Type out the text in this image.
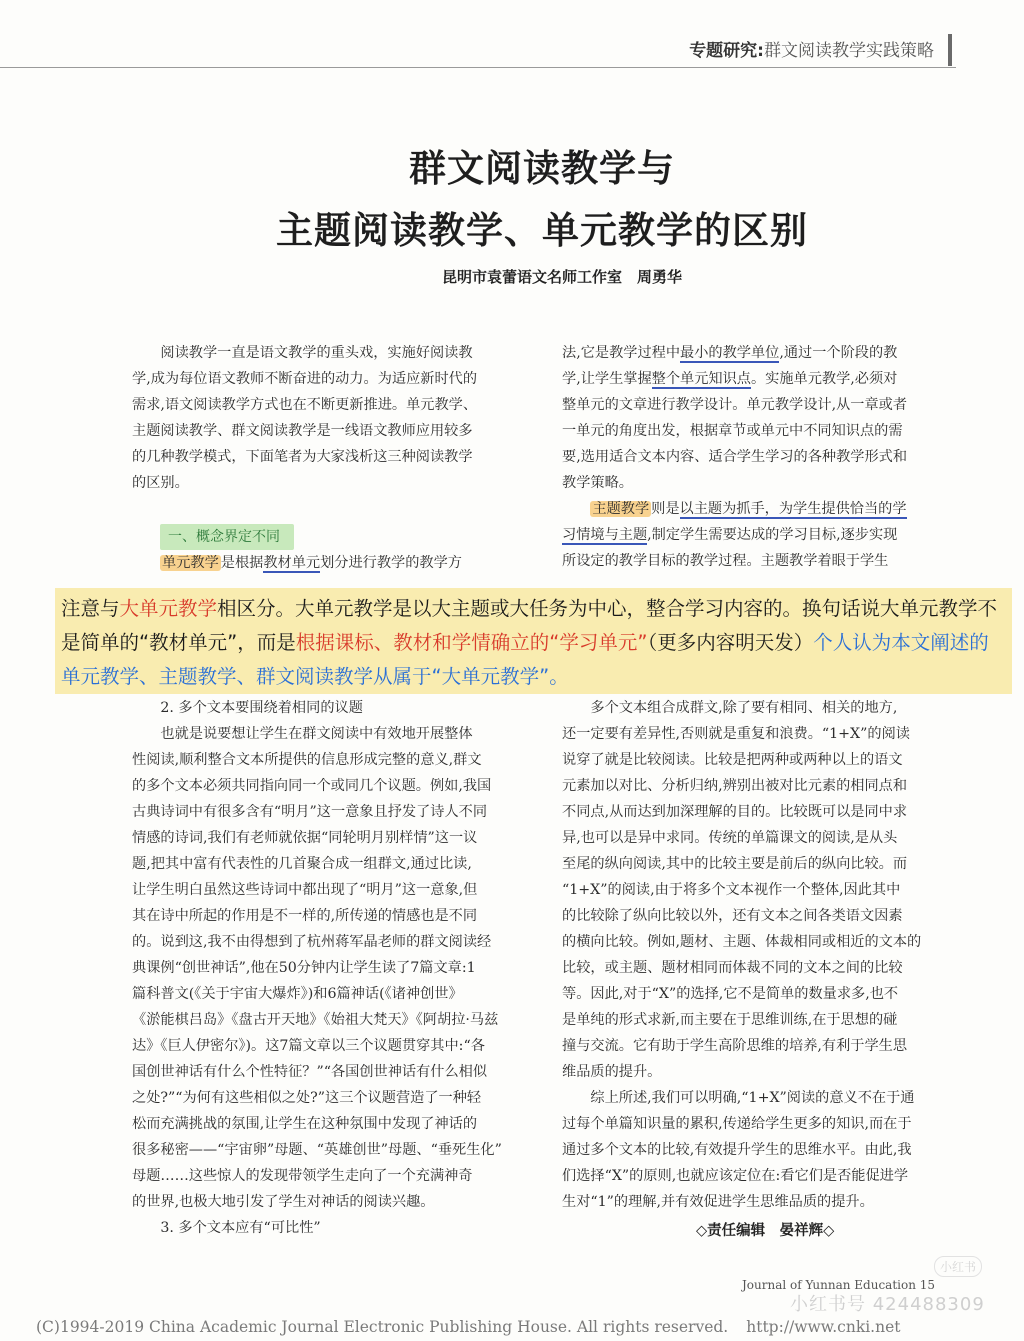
专题研究:群文阅读教学实践策略
群文阅读教学与
主题阅读教学、单元教学的区别
昆明市袁蕾语文名师工作室　周勇华

阅读教学一直是语文教学的重头戏，实施好阅读教

学,成为每位语文教师不断奋进的动力。为适应新时代的

需求,语文阅读教学方式也在不断更新推进。单元教学、

主题阅读教学、群文阅读教学是一线语文教师应用较多

的几种教学模式，下面笔者为大家浅析这三种阅读教学

的区别。

一、概念界定不同
单元教学 是根据教材单元划分进行教学的教学方

法,它是教学过程中最小的教学单位,通过一个阶段的教

学,让学生掌握整个单元知识点。实施单元教学,必须对

整单元的文章进行教学设计。单元教学设计,从一章或者

一单元的角度出发，根据章节或单元中不同知识点的需

要,选用适合文本内容、适合学生学习的各种教学形式和

教学策略。

主题教学 则是以主题为抓手，为学生提供恰当的学

习情境与主题,制定学生需要达成的学习目标,逐步实现

所设定的教学目标的教学过程。主题教学着眼于学生

注意与大单元教学相区分。大单元教学是以大主题或大任务为中心，整合学习内容的。换句话说大单元教学不是简单的“教材单元”，而是根据课标、教材和学情确立的“学习单元”（更多内容明天发）个人认为本文阐述的单元教学、主题教学、群文阅读教学从属于“大单元教学”。

2. 多个文本要围绕着相同的议题

也就是说要想让学生在群文阅读中有效地开展整体

性阅读,顺利整合文本所提供的信息形成完整的意义,群文

的多个文本必须共同指向同一个或同几个议题。例如,我国

古典诗词中有很多含有“明月”这一意象且抒发了诗人不同

情感的诗词,我们有老师就依据“同轮明月别样情”这一议

题,把其中富有代表性的几首聚合成一组群文,通过比读,

让学生明白虽然这些诗词中都出现了“明月”这一意象,但

其在诗中所起的作用是不一样的,所传递的情感也是不同

的。说到这,我不由得想到了杭州蒋军晶老师的群文阅读经

典课例“创世神话”,他在50分钟内让学生读了7篇文章:1

篇科普文(《关于宇宙大爆炸》)和6篇神话(《诸神创世》

《淤能棋吕岛》《盘古开天地》《始祖大梵天》《阿胡拉·马兹

达》《巨人伊密尔》)。这7篇文章以三个议题贯穿其中:“各

国创世神话有什么个性特征？”“各国创世神话有什么相似

之处?”“为何有这些相似之处?”这三个议题营造了一种轻

松而充满挑战的氛围,让学生在这种氛围中发现了神话的

很多秘密——“宇宙卵”母题、“英雄创世”母题、“垂死生化”

母题……这些惊人的发现带领学生走向了一个充满神奇

的世界,也极大地引发了学生对神话的阅读兴趣。

3. 多个文本应有“可比性”

多个文本组合成群文,除了要有相同、相关的地方,

还一定要有差异性,否则就是重复和浪费。“1+X”的阅读

说穿了就是比较阅读。比较是把两种或两种以上的语文

元素加以对比、分析归纳,辨别出被对比元素的相同点和

不同点,从而达到加深理解的目的。比较既可以是同中求

异,也可以是异中求同。传统的单篇课文的阅读,是从头

至尾的纵向阅读,其中的比较主要是前后的纵向比较。而

“1+X”的阅读,由于将多个文本视作一个整体,因此其中

的比较除了纵向比较以外，还有文本之间各类语文因素

的横向比较。例如,题材、主题、体裁相同或相近的文本的

比较，或主题、题材相同而体裁不同的文本之间的比较

等。因此,对于“X”的选择,它不是简单的数量求多,也不

是单纯的形式求新,而主要在于思维训练,在于思想的碰

撞与交流。它有助于学生高阶思维的培养,有利于学生思

维品质的提升。

综上所述,我们可以明确,“1+X”阅读的意义不在于通

过每个单篇知识量的累积,传递给学生更多的知识,而在于

通过多个文本的比较,有效提升学生的思维水平。由此,我

们选择“X”的原则,也就应该定位在:看它们是否能促进学

生对“1”的理解,并有效促进学生思维品质的提升。

◇责任编辑　晏祥辉◇
Journal of Yunnan Education 15
小红书
小红书号 424488309
(C)1994-2019 China Academic Journal Electronic Publishing House. All rights reserved. http://www.cnki.net
